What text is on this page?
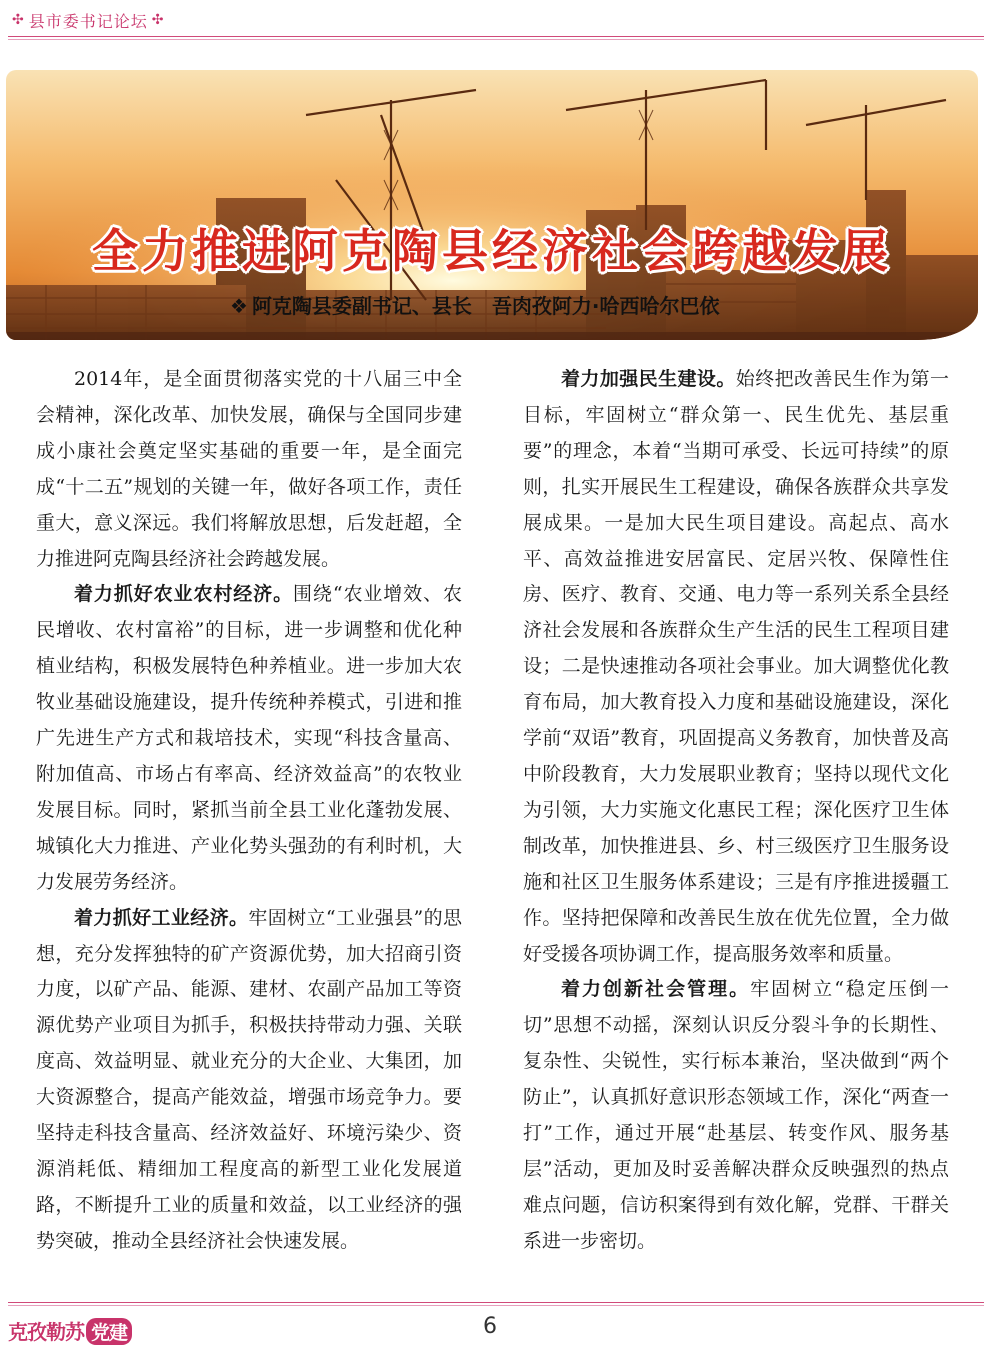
✣ 县市委书记论坛 ✣
全力推进阿克陶县经济社会跨越发展
❖ 阿克陶县委副书记、县长 吾肉孜阿力·哈西哈尔巴依

2014年，是全面贯彻落实党的十八届三中全会精神，深化改革、加快发展，确保与全国同步建成小康社会奠定坚实基础的重要一年，是全面完成“十二五”规划的关键一年，做好各项工作，责任重大，意义深远。我们将解放思想，后发赶超，全力推进阿克陶县经济社会跨越发展。

着力抓好农业农村经济。围绕“农业增效、农民增收、农村富裕”的目标，进一步调整和优化种植业结构，积极发展特色种养植业。进一步加大农牧业基础设施建设，提升传统种养模式，引进和推广先进生产方式和栽培技术，实现“科技含量高、附加值高、市场占有率高、经济效益高”的农牧业发展目标。同时，紧抓当前全县工业化蓬勃发展、城镇化大力推进、产业化势头强劲的有利时机，大力发展劳务经济。

着力抓好工业经济。牢固树立“工业强县”的思想，充分发挥独特的矿产资源优势，加大招商引资力度，以矿产品、能源、建材、农副产品加工等资源优势产业项目为抓手，积极扶持带动力强、关联度高、效益明显、就业充分的大企业、大集团，加大资源整合，提高产能效益，增强市场竞争力。要坚持走科技含量高、经济效益好、环境污染少、资源消耗低、精细加工程度高的新型工业化发展道路，不断提升工业的质量和效益，以工业经济的强势突破，推动全县经济社会快速发展。

着力加强民生建设。始终把改善民生作为第一目标，牢固树立“群众第一、民生优先、基层重要”的理念，本着“当期可承受、长远可持续”的原则，扎实开展民生工程建设，确保各族群众共享发展成果。一是加大民生项目建设。高起点、高水平、高效益推进安居富民、定居兴牧、保障性住房、医疗、教育、交通、电力等一系列关系全县经济社会发展和各族群众生产生活的民生工程项目建设；二是快速推动各项社会事业。加大调整优化教育布局，加大教育投入力度和基础设施建设，深化学前“双语”教育，巩固提高义务教育，加快普及高中阶段教育，大力发展职业教育；坚持以现代文化为引领，大力实施文化惠民工程；深化医疗卫生体制改革，加快推进县、乡、村三级医疗卫生服务设施和社区卫生服务体系建设；三是有序推进援疆工作。坚持把保障和改善民生放在优先位置，全力做好受援各项协调工作，提高服务效率和质量。

着力创新社会管理。牢固树立“稳定压倒一切”思想不动摇，深刻认识反分裂斗争的长期性、复杂性、尖锐性，实行标本兼治，坚决做到“两个防止”，认真抓好意识形态领域工作，深化“两查一打”工作，通过开展“赴基层、转变作风、服务基层”活动，更加及时妥善解决群众反映强烈的热点难点问题，信访积案得到有效化解，党群、干群关系进一步密切。

克孜勒苏 党建	6
